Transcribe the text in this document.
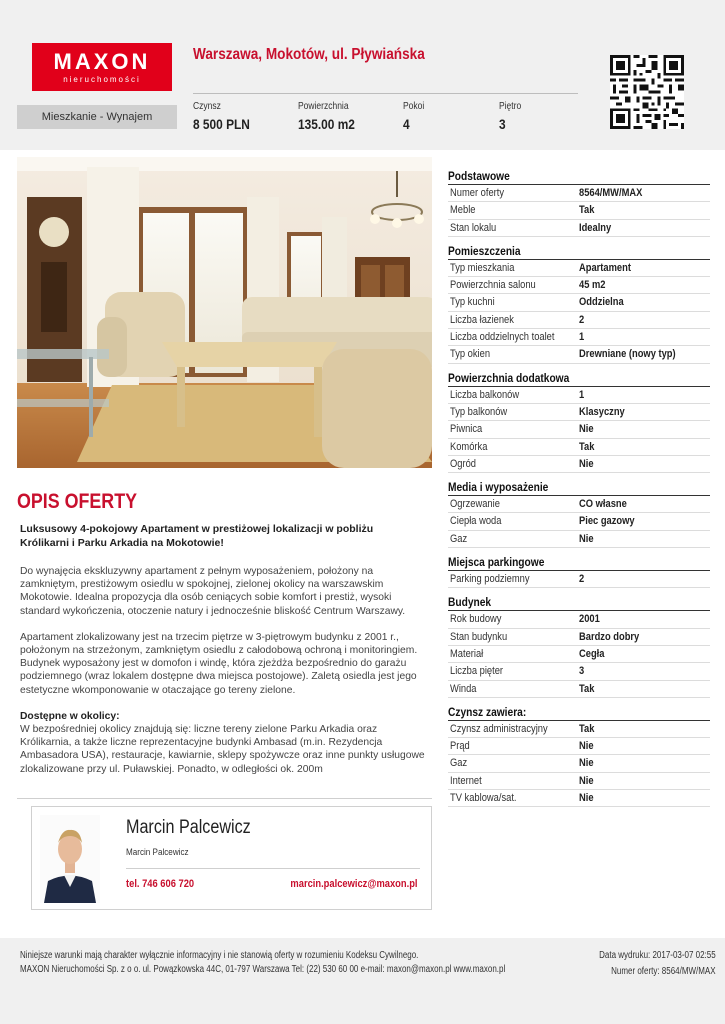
MAXON
nieruchomości
Warszawa, Mokotów, ul. Pływiańska
Mieszkanie - Wynajem
Czynsz
8 500 PLN
Powierzchnia
135.00 m2
Pokoi
4
Piętro
3
OPIS OFERTY
Luksusowy 4-pokojowy Apartament w prestiżowej lokalizacji w pobliżu Królikarni i Parku Arkadia na Mokotowie!

Do wynajęcia ekskluzywny apartament z pełnym wyposażeniem, położony na zamkniętym, prestiżowym osiedlu w spokojnej, zielonej okolicy na warszawskim Mokotowie. Idealna propozycja dla osób ceniących sobie komfort i prestiż, wysoki standard wykończenia, otoczenie natury i jednocześnie bliskość Centrum Warszawy.

Apartament zlokalizowany jest na trzecim piętrze w 3-piętrowym budynku z 2001 r., położonym na strzeżonym, zamkniętym osiedlu z całodobową ochroną i monitoringiem. Budynek wyposażony jest w domofon i windę, która zjeżdża bezpośrednio do garażu podziemnego (wraz lokalem dostępne dwa miejsca postojowe). Zaletą osiedla jest jego estetyczne wkomponowanie w otaczające go tereny zielone.

Dostępne w okolicy:

W bezpośredniej okolicy znajdują się: liczne tereny zielone Parku Arkadia oraz Królikarnia, a także liczne reprezentacyjne budynki Ambasad (m.in. Rezydencja Ambasadora USA), restauracje, kawiarnie, sklepy spożywcze oraz inne punkty usługowe zlokalizowane przy ul. Puławskiej. Ponadto, w odległości ok. 200m

Marcin Palcewicz
Marcin Palcewicz
tel. 746 606 720	marcin.palcewicz@maxon.pl
Podstawowe
Numer oferty	8564/MW/MAX
Meble	Tak
Stan lokalu	Idealny
Pomieszczenia
Typ mieszkania	Apartament
Powierzchnia salonu	45 m2
Typ kuchni	Oddzielna
Liczba łazienek	2
Liczba oddzielnych toalet 1
Typ okien	Drewniane (nowy typ)
Powierzchnia dodatkowa
Liczba balkonów	1
Typ balkonów	Klasyczny
Piwnica	Nie
Komórka	Tak
Ogród	Nie
Media i wyposażenie
Ogrzewanie	CO własne
Ciepła woda	Piec gazowy
Gaz	Nie
Miejsca parkingowe
Parking podziemny	2
Budynek
Rok budowy	2001
Stan budynku	Bardzo dobry
Materiał	Cegła
Liczba pięter	3
Winda	Tak
Czynsz zawiera:
Czynsz administracyjny	Tak
Prąd	Nie
Gaz	Nie
Internet	Nie
TV kablowa/sat.	Nie
Niniejsze warunki mają charakter wyłącznie informacyjny i nie stanowią oferty w rozumieniu Kodeksu Cywilnego.
MAXON Nieruchomości Sp. z o o. ul. Powązkowska 44C, 01-797 Warszawa Tel: (22) 530 60 00 e-mail: maxon@maxon.pl www.maxon.pl
Data wydruku: 2017-03-07 02:55
Numer oferty: 8564/MW/MAX
